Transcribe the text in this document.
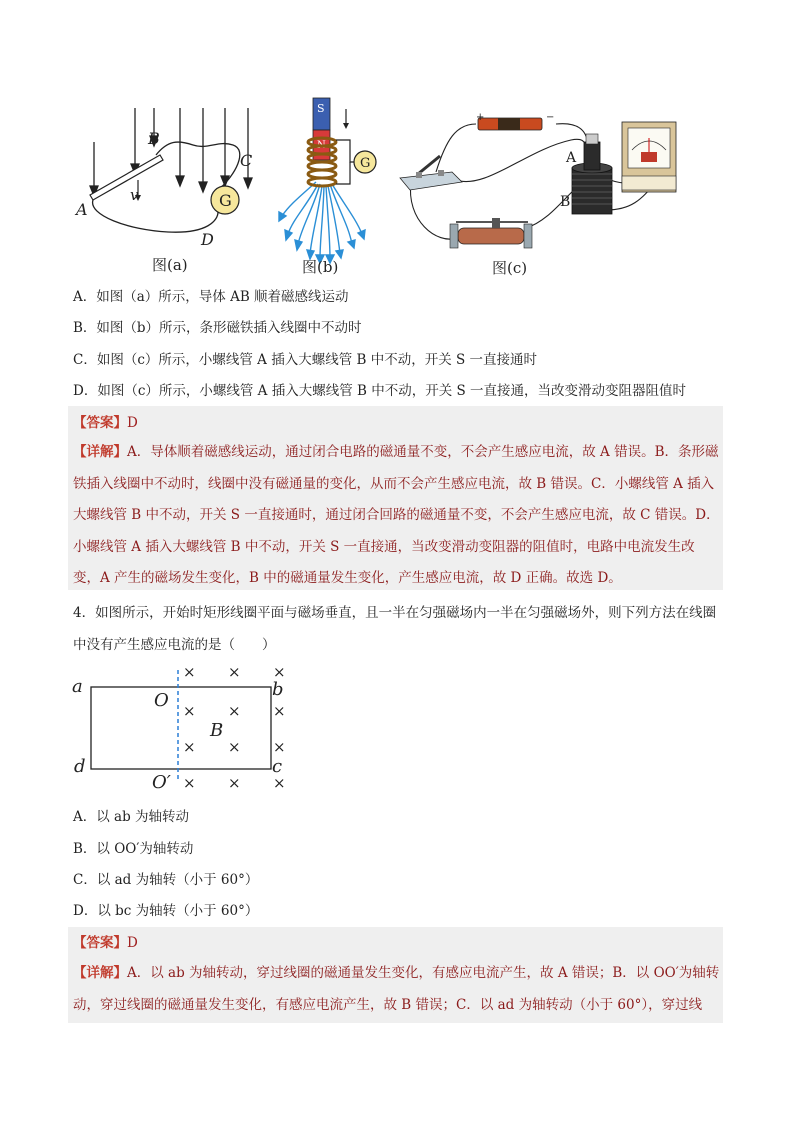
G
A
B
C
D
v
图(a)
S
N
G
图(b)
+	−
A
B
图(c)
A．如图（a）所示，导体 AB 顺着磁感线运动
B．如图（b）所示，条形磁铁插入线圈中不动时
C．如图（c）所示，小螺线管 A 插入大螺线管 B 中不动，开关 S 一直接通时
D．如图（c）所示，小螺线管 A 插入大螺线管 B 中不动，开关 S 一直接通，当改变滑动变阻器阻值时
【答案】D
【详解】A．导体顺着磁感线运动，通过闭合电路的磁通量不变，不会产生感应电流，故 A 错误。B．条形磁铁插入线圈中不动时，线圈中没有磁通量的变化，从而不会产生感应电流，故 B 错误。C．小螺线管 A 插入大螺线管 B 中不动，开关 S 一直接通时，通过闭合回路的磁通量不变，不会产生感应电流，故 C 错误。D．小螺线管 A 插入大螺线管 B 中不动，开关 S 一直接通，当改变滑动变阻器的阻值时，电路中电流发生改变，A 产生的磁场发生变化，B 中的磁通量发生变化，产生感应电流，故 D 正确。故选 D。
4．如图所示，开始时矩形线圈平面与磁场垂直，且一半在匀强磁场内一半在匀强磁场外，则下列方法在线圈中没有产生感应电流的是（　　）
× × ×
× × ×
× × ×
× × ×
a	b
c
d
O
O′
B
A．以 ab 为轴转动
B．以 OO′为轴转动
C．以 ad 为轴转（小于 60°）
D．以 bc 为轴转（小于 60°）
【答案】D
【详解】A．以 ab 为轴转动，穿过线圈的磁通量发生变化，有感应电流产生，故 A 错误；B．以 OO′为轴转动，穿过线圈的磁通量发生变化，有感应电流产生，故 B 错误；C．以 ad 为轴转动（小于 60°），穿过线
